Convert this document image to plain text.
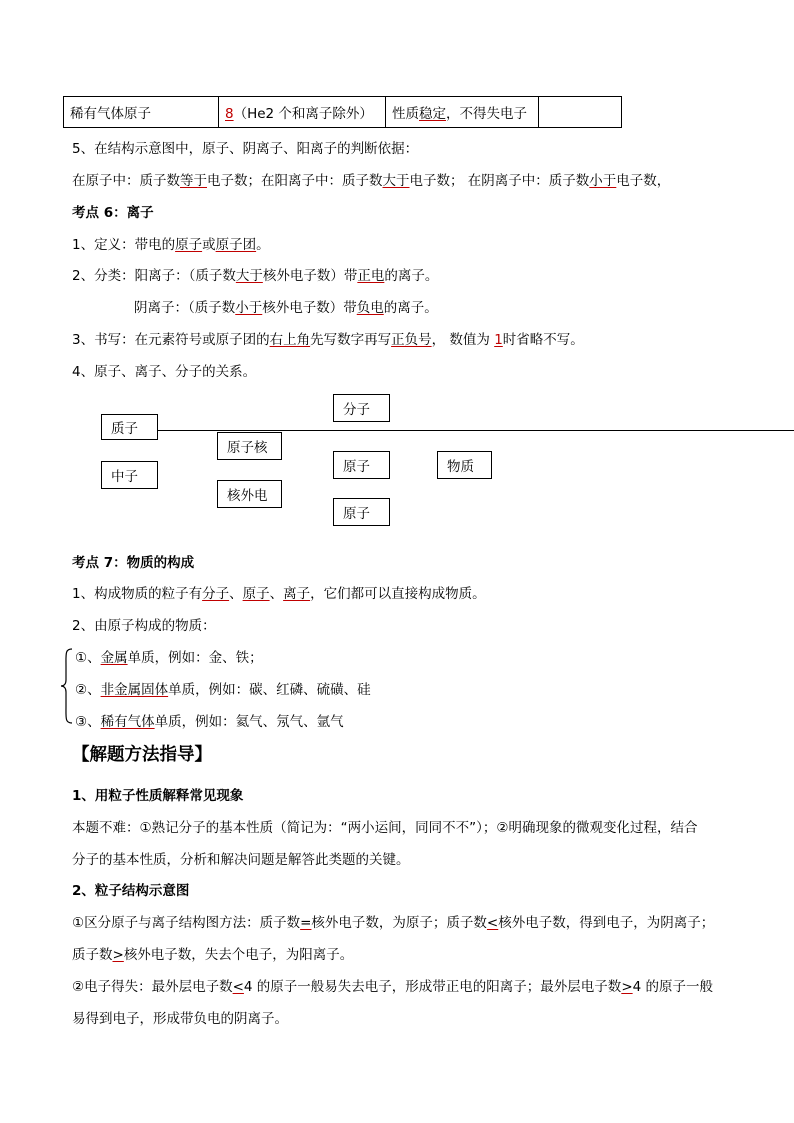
稀有气体原子	8（He2 个和离子除外）	性质稳定，不得失电子	
5、在结构示意图中，原子、阴离子、阳离子的判断依据：
在原子中：质子数等于电子数；在阳离子中：质子数大于电子数； 在阴离子中：质子数小于电子数，
考点 6：离子
1、定义：带电的原子或原子团。
2、分类：阳离子：（质子数大于核外电子数）带正电的离子。
阴离子：（质子数小于核外电子数）带负电的离子。
3、书写：在元素符号或原子团的右上角先写数字再写正负号， 数值为 1时省略不写。
4、原子、离子、分子的关系。
质子
中子
原子核
核外电
分子
原子
原子
物质
考点 7：物质的构成
1、构成物质的粒子有分子、原子、离子，它们都可以直接构成物质。
2、由原子构成的物质：
①、金属单质，例如：金、铁；
②、非金属固体单质，例如：碳、红磷、硫磺、硅
③、稀有气体单质，例如：氦气、氖气、氩气
【解题方法指导】
1、用粒子性质解释常见现象
本题不难：①熟记分子的基本性质（简记为：“两小运间，同同不不”）；②明确现象的微观变化过程，结合
分子的基本性质，分析和解决问题是解答此类题的关键。
2、粒子结构示意图
①区分原子与离子结构图方法：质子数=核外电子数，为原子；质子数<核外电子数，得到电子，为阴离子；
质子数>核外电子数，失去个电子，为阳离子。
②电子得失：最外层电子数<4 的原子一般易失去电子，形成带正电的阳离子；最外层电子数>4 的原子一般
易得到电子，形成带负电的阴离子。
